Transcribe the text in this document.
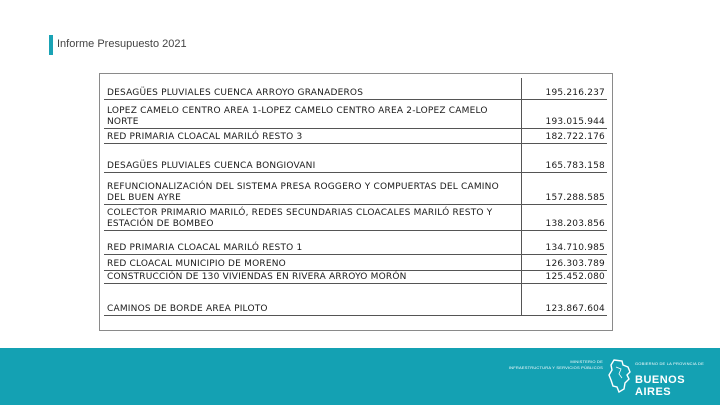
Informe Presupuesto 2021
DESAGÜES PLUVIALES CUENCA ARROYO GRANADEROS	195.216.237
LOPEZ CAMELO CENTRO AREA 1-LOPEZ CAMELO CENTRO AREA 2-LOPEZ CAMELO NORTE	193.015.944
RED PRIMARIA CLOACAL MARILÓ RESTO 3	182.722.176
DESAGÜES PLUVIALES CUENCA BONGIOVANI	165.783.158
REFUNCIONALIZACIÓN DEL SISTEMA PRESA ROGGERO Y COMPUERTAS DEL CAMINO DEL BUEN AYRE	157.288.585
COLECTOR PRIMARIO MARILÓ, REDES SECUNDARIAS CLOACALES MARILÓ RESTO Y ESTACIÓN DE BOMBEO	138.203.856
RED PRIMARIA CLOACAL MARILÓ RESTO 1	134.710.985
RED CLOACAL MUNICIPIO DE MORENO	126.303.789
CONSTRUCCIÓN DE 130 VIVIENDAS EN RIVERA ARROYO MORÓN	125.452.080
CAMINOS DE BORDE AREA PILOTO	123.867.604
MINISTERIO DE
INFRAESTRUCTURA Y SERVICIOS PÚBLICOS
GOBIERNO DE LA PROVINCIA DE
BUENOS AIRES
